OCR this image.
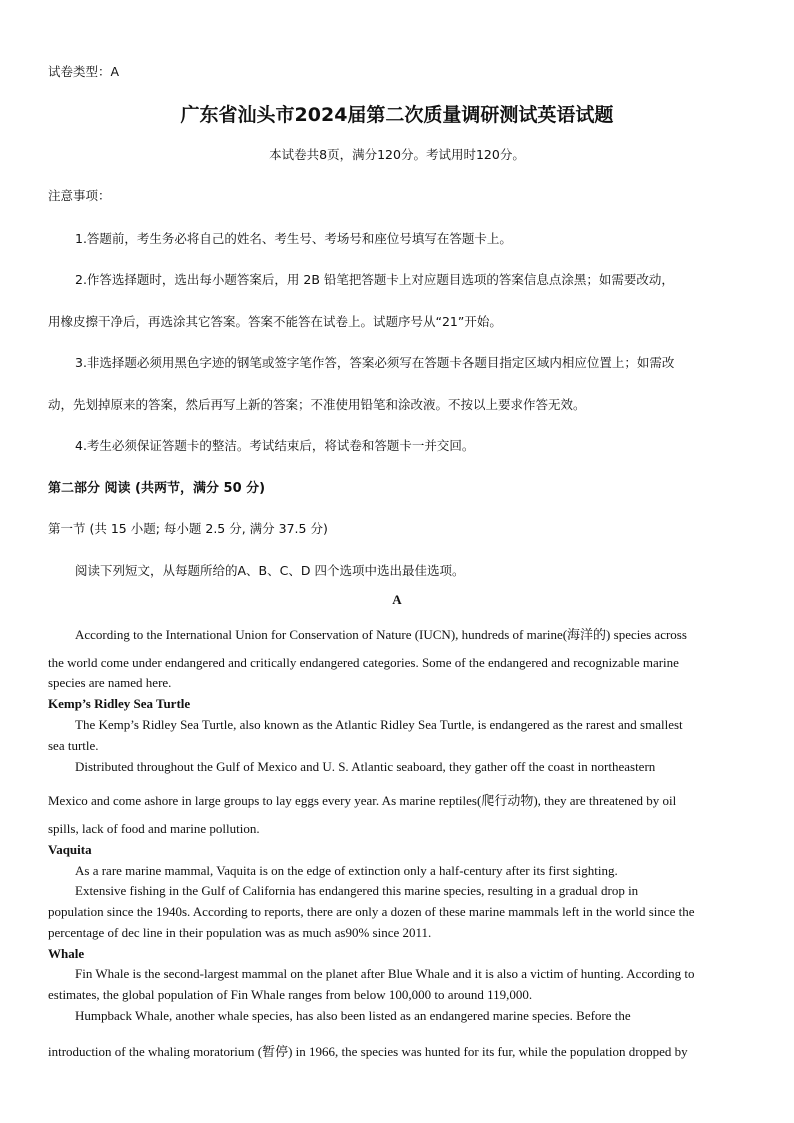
试卷类型：A
广东省汕头市2024届第二次质量调研测试英语试题
本试卷共8页，满分120分。考试用时120分。
注意事项：
1.答题前，考生务必将自己的姓名、考生号、考场号和座位号填写在答题卡上。
2.作答选择题时，选出每小题答案后，用 2B 铅笔把答题卡上对应题目选项的答案信息点涂黑；如需要改动，
用橡皮擦干净后，再选涂其它答案。答案不能答在试卷上。试题序号从“21”开始。
3.非选择题必须用黑色字迹的钢笔或签字笔作答，答案必须写在答题卡各题目指定区域内相应位置上；如需改
动，先划掉原来的答案，然后再写上新的答案；不准使用铅笔和涂改液。不按以上要求作答无效。
4.考生必须保证答题卡的整洁。考试结束后，将试卷和答题卡一并交回。
第二部分 阅读 (共两节，满分 50 分)
第一节 (共 15 小题; 每小题 2.5 分, 满分 37.5 分)
阅读下列短文，从每题所给的A、B、C、D 四个选项中选出最佳选项。
A
According to the International Union for Conservation of Nature (IUCN), hundreds of marine(海洋的) species across
the world come under endangered and critically endangered categories. Some of the endangered and recognizable marine
species are named here.
Kemp’s Ridley Sea Turtle
The Kemp’s Ridley Sea Turtle, also known as the Atlantic Ridley Sea Turtle, is endangered as the rarest and smallest
sea turtle.
Distributed throughout the Gulf of Mexico and U. S. Atlantic seaboard, they gather off the coast in northeastern
Mexico and come ashore in large groups to lay eggs every year. As marine reptiles(爬行动物), they are threatened by oil
spills, lack of food and marine pollution.
Vaquita
As a rare marine mammal, Vaquita is on the edge of extinction only a half-century after its first sighting.
Extensive fishing in the Gulf of California has endangered this marine species, resulting in a gradual drop in
population since the 1940s. According to reports, there are only a dozen of these marine mammals left in the world since the
percentage of dec line in their population was as much as90% since 2011.
Whale
Fin Whale is the second-largest mammal on the planet after Blue Whale and it is also a victim of hunting. According to
estimates, the global population of Fin Whale ranges from below 100,000 to around 119,000.
Humpback Whale, another whale species, has also been listed as an endangered marine species. Before the
introduction of the whaling moratorium (暂停) in 1966, the species was hunted for its fur, while the population dropped by
